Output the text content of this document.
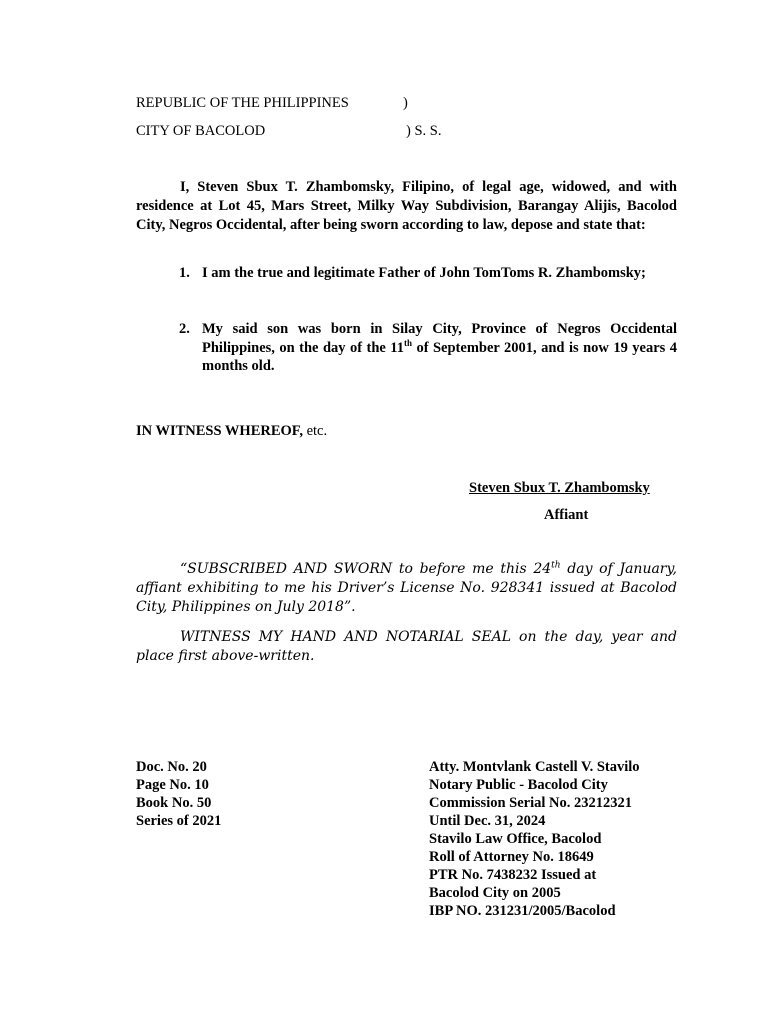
REPUBLIC OF THE PHILIPPINES	)
CITY OF BACOLOD	) S. S.
I, Steven Sbux T. Zhambomsky, Filipino, of legal age, widowed, and with residence at Lot 45, Mars Street, Milky Way Subdivision, Barangay Alijis, Bacolod City, Negros Occidental, after being sworn according to law, depose and state that:
1. I am the true and legitimate Father of John TomToms R. Zhambomsky;
2. My said son was born in Silay City, Province of Negros Occidental Philippines, on the day of the 11th of September 2001, and is now 19 years 4 months old.
IN WITNESS WHEREOF, etc.
Steven Sbux T. Zhambomsky
Affiant
“SUBSCRIBED AND SWORN to before me this 24th day of January, affiant exhibiting to me his Driver’s License No. 928341 issued at Bacolod City, Philippines on July 2018”.
WITNESS MY HAND AND NOTARIAL SEAL on the day, year and place first above-written.
Doc. No. 20
Page No. 10
Book No. 50
Series of 2021
Atty. Montvlank Castell V. Stavilo
Notary Public - Bacolod City
Commission Serial No. 23212321
Until Dec. 31, 2024
Stavilo Law Office, Bacolod
Roll of Attorney No. 18649
PTR No. 7438232 Issued at
Bacolod City on 2005
IBP NO. 231231/2005/Bacolod
